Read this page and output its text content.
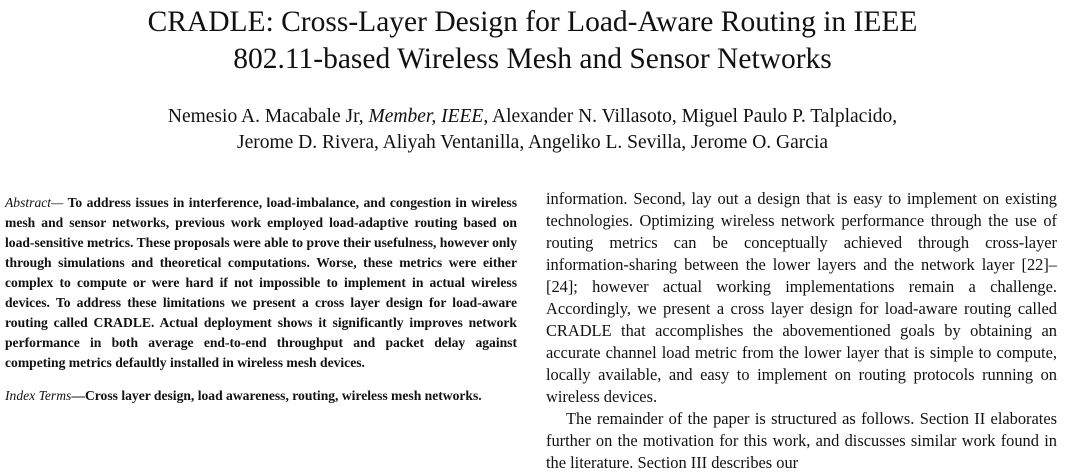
CRADLE: Cross-Layer Design for Load-Aware Routing in IEEE
802.11-based Wireless Mesh and Sensor Networks
Nemesio A. Macabale Jr, Member, IEEE, Alexander N. Villasoto, Miguel Paulo P. Talplacido,
Jerome D. Rivera, Aliyah Ventanilla, Angeliko L. Sevilla, Jerome O. Garcia

Abstract— To address issues in interference, load-imbalance, and congestion in wireless mesh and sensor networks, previous work employed load-adaptive routing based on load-sensitive metrics. These proposals were able to prove their usefulness, however only through simulations and theoretical computations. Worse, these metrics were either complex to compute or were hard if not impossible to implement in actual wireless devices. To address these limitations we present a cross layer design for load-aware routing called CRADLE. Actual deployment shows it significantly improves network performance in both average end-to-end throughput and packet delay against competing metrics defaultly installed in wireless mesh devices.

Index Terms—Cross layer design, load awareness, routing, wireless mesh networks.

information. Second, lay out a design that is easy to implement on existing technologies. Optimizing wireless network performance through the use of routing metrics can be conceptually achieved through cross-layer information-sharing between the lower layers and the network layer [22]–[24]; however actual working implementations remain a challenge. Accordingly, we present a cross layer design for load-aware routing called CRADLE that accomplishes the abovementioned goals by obtaining an accurate channel load metric from the lower layer that is simple to compute, locally available, and easy to implement on routing protocols running on wireless devices.

The remainder of the paper is structured as follows. Section II elaborates further on the motivation for this work, and discusses similar work found in the literature. Section III describes our
